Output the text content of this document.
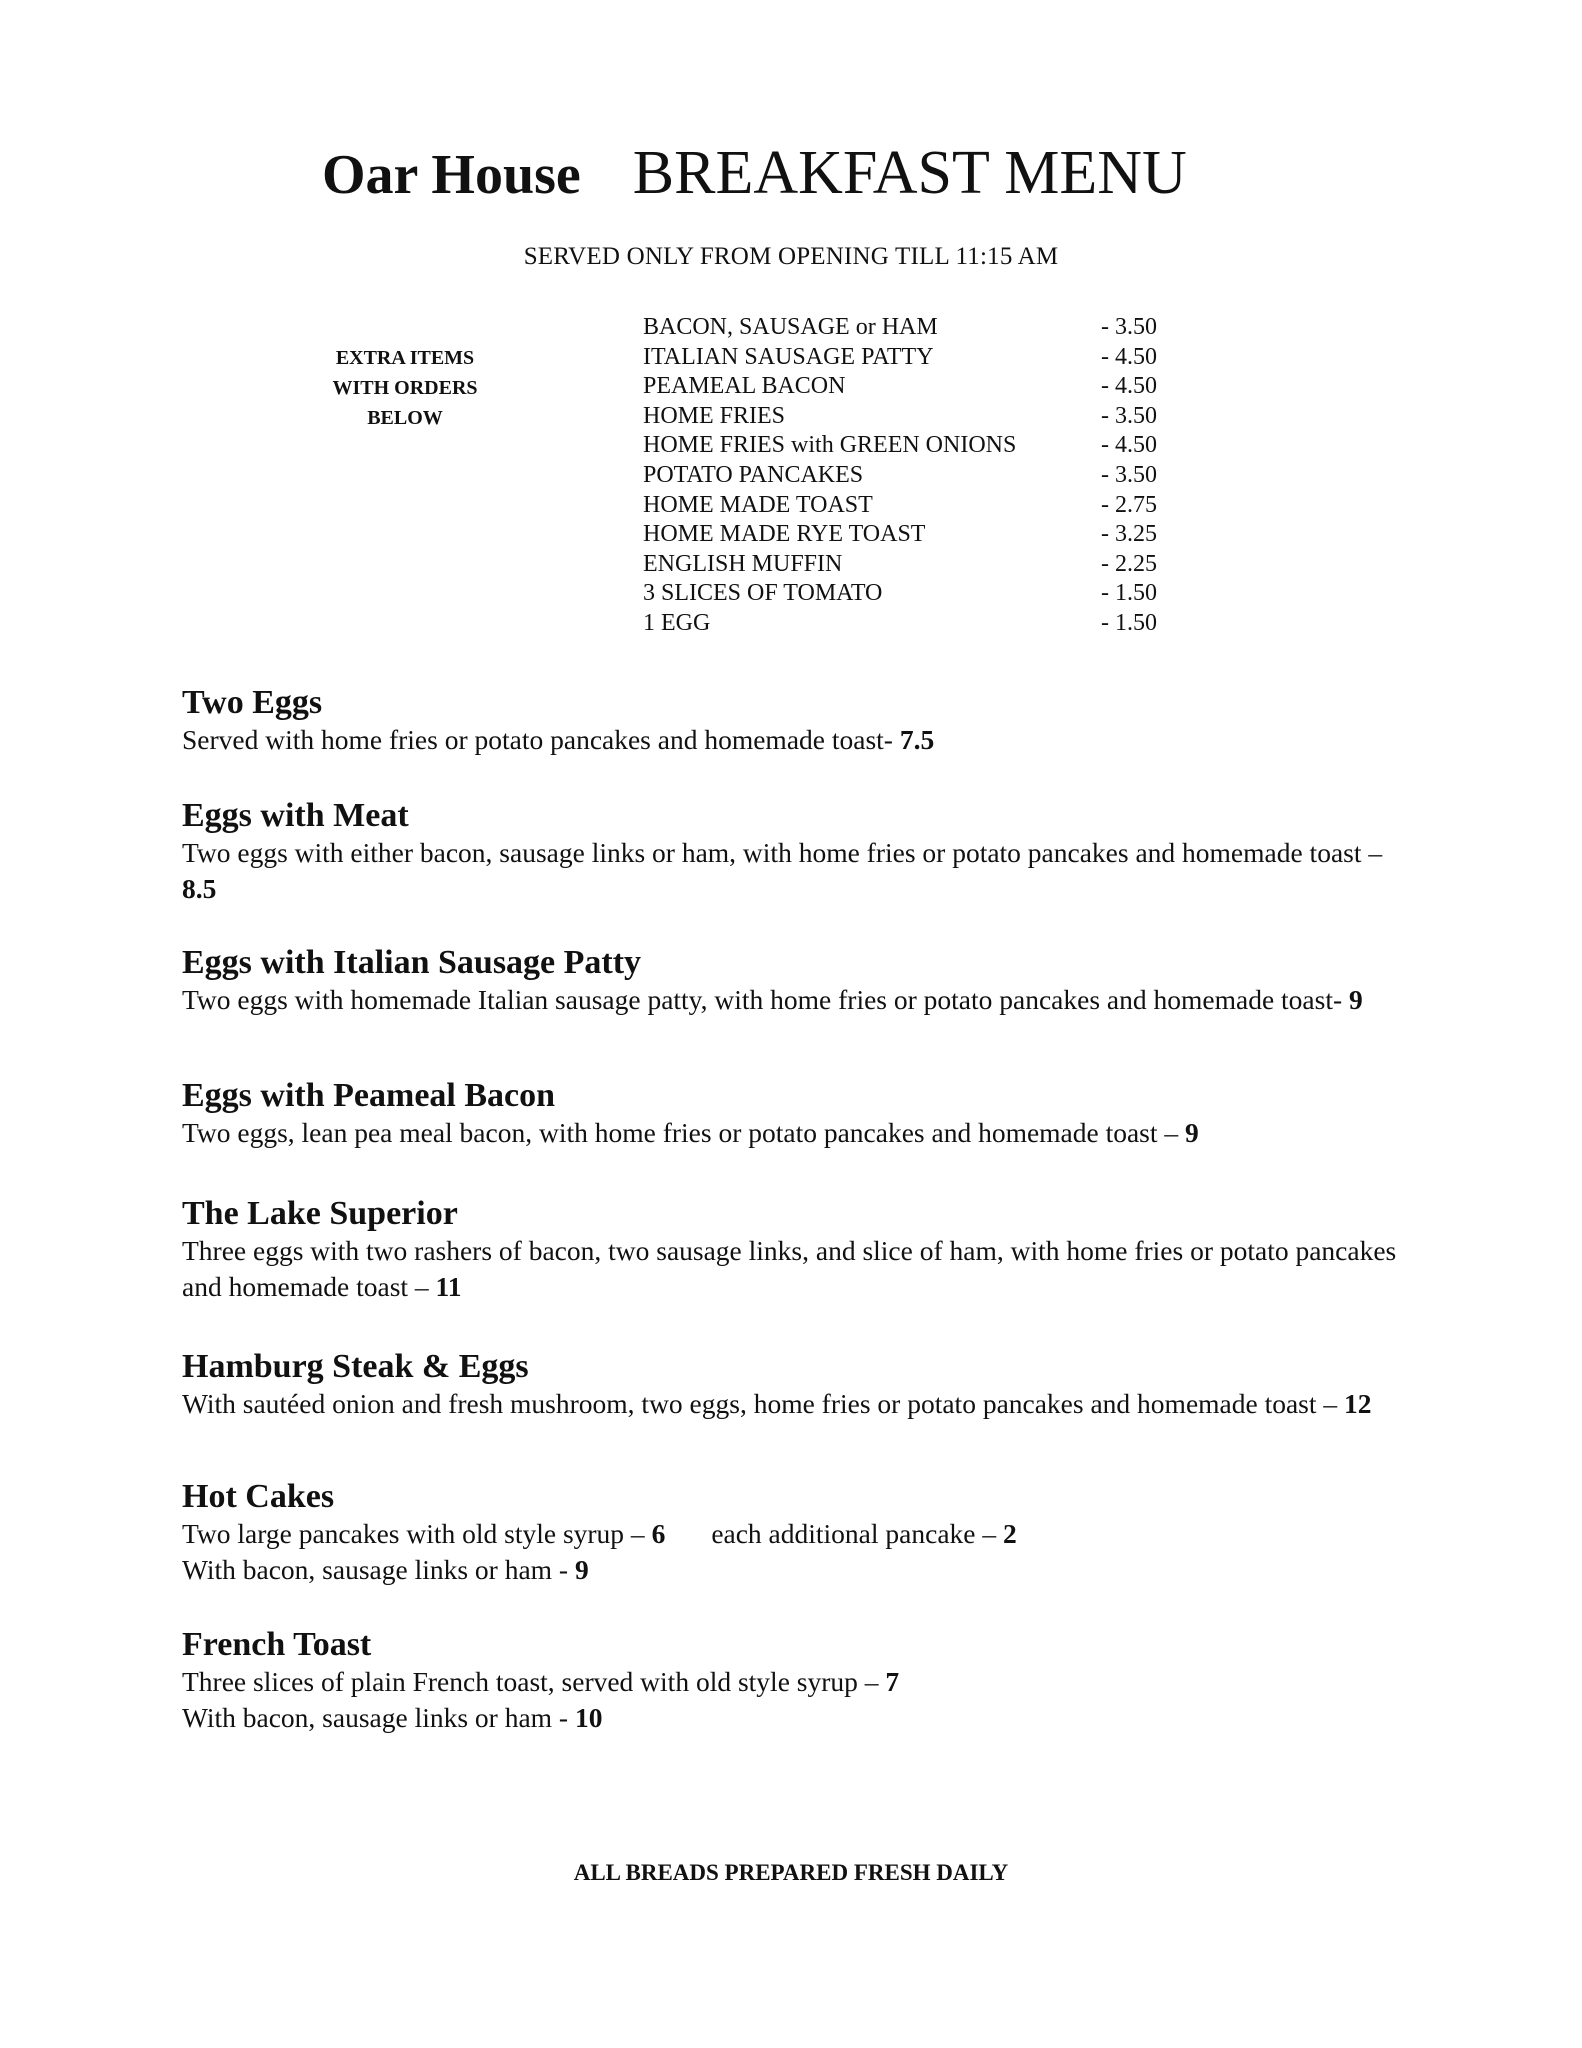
Oar House BREAKFAST MENU
SERVED ONLY FROM OPENING TILL 11:15 AM
EXTRA ITEMS
WITH ORDERS
BELOW
BACON, SAUSAGE or HAM	- 3.50
ITALIAN SAUSAGE PATTY	- 4.50
PEAMEAL BACON	- 4.50
HOME FRIES	- 3.50
HOME FRIES with GREEN ONIONS	- 4.50
POTATO PANCAKES	- 3.50
HOME MADE TOAST	- 2.75
HOME MADE RYE TOAST	- 3.25
ENGLISH MUFFIN	- 2.25
3 SLICES OF TOMATO	- 1.50
1 EGG	- 1.50
Two Eggs
Served with home fries or potato pancakes and homemade toast- 7.5
Eggs with Meat
Two eggs with either bacon, sausage links or ham, with home fries or potato pancakes and homemade toast – 8.5
Eggs with Italian Sausage Patty
Two eggs with homemade Italian sausage patty, with home fries or potato pancakes and homemade toast- 9
Eggs with Peameal Bacon
Two eggs, lean pea meal bacon, with home fries or potato pancakes and homemade toast – 9
The Lake Superior
Three eggs with two rashers of bacon, two sausage links, and slice of ham, with home fries or potato pancakes and homemade toast – 11
Hamburg Steak & Eggs
With sautéed onion and fresh mushroom, two eggs, home fries or potato pancakes and homemade toast – 12
Hot Cakes
Two large pancakes with old style syrup – 6 each additional pancake – 2
With bacon, sausage links or ham - 9
French Toast
Three slices of plain French toast, served with old style syrup – 7
With bacon, sausage links or ham - 10
ALL BREADS PREPARED FRESH DAILY
